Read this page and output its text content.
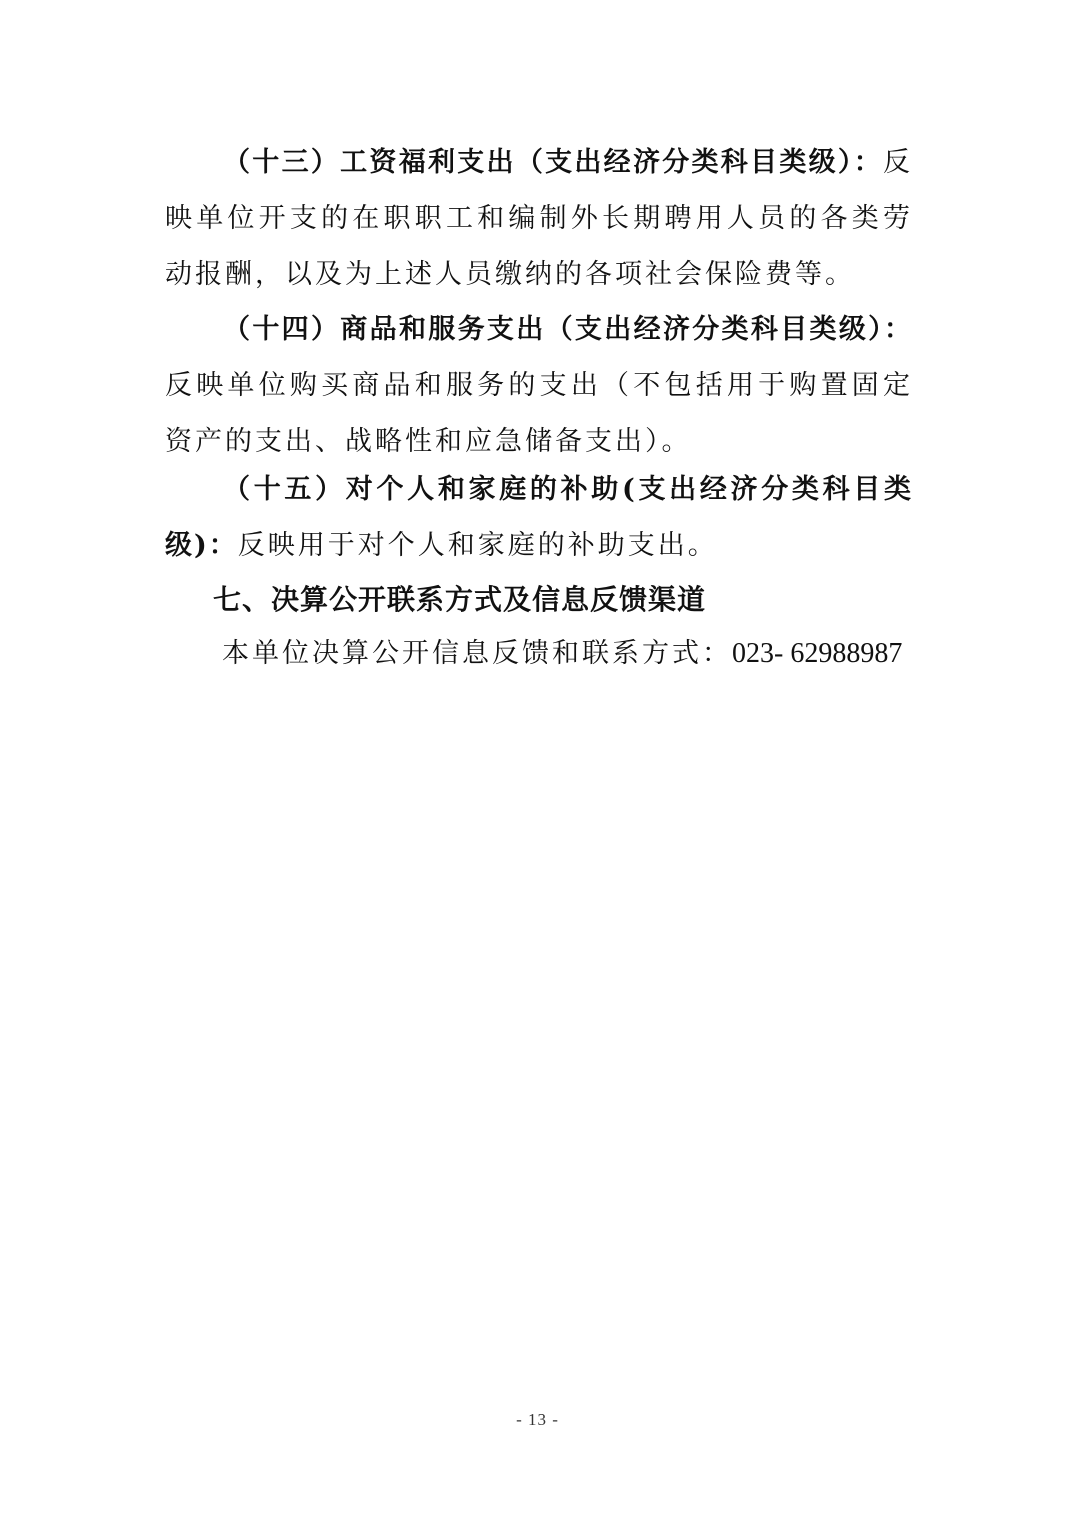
（十三）工资福利支出（支出经济分类科目类级）：反映单位开支的在职职工和编制外长期聘用人员的各类劳动报酬，以及为上述人员缴纳的各项社会保险费等。

（十四）商品和服务支出（支出经济分类科目类级）：反映单位购买商品和服务的支出（不包括用于购置固定资产的支出、战略性和应急储备支出）。

（十五）对个人和家庭的补助(支出经济分类科目类级)：反映用于对个人和家庭的补助支出。

七、决算公开联系方式及信息反馈渠道

本单位决算公开信息反馈和联系方式：023- 62988987

- 13 -
